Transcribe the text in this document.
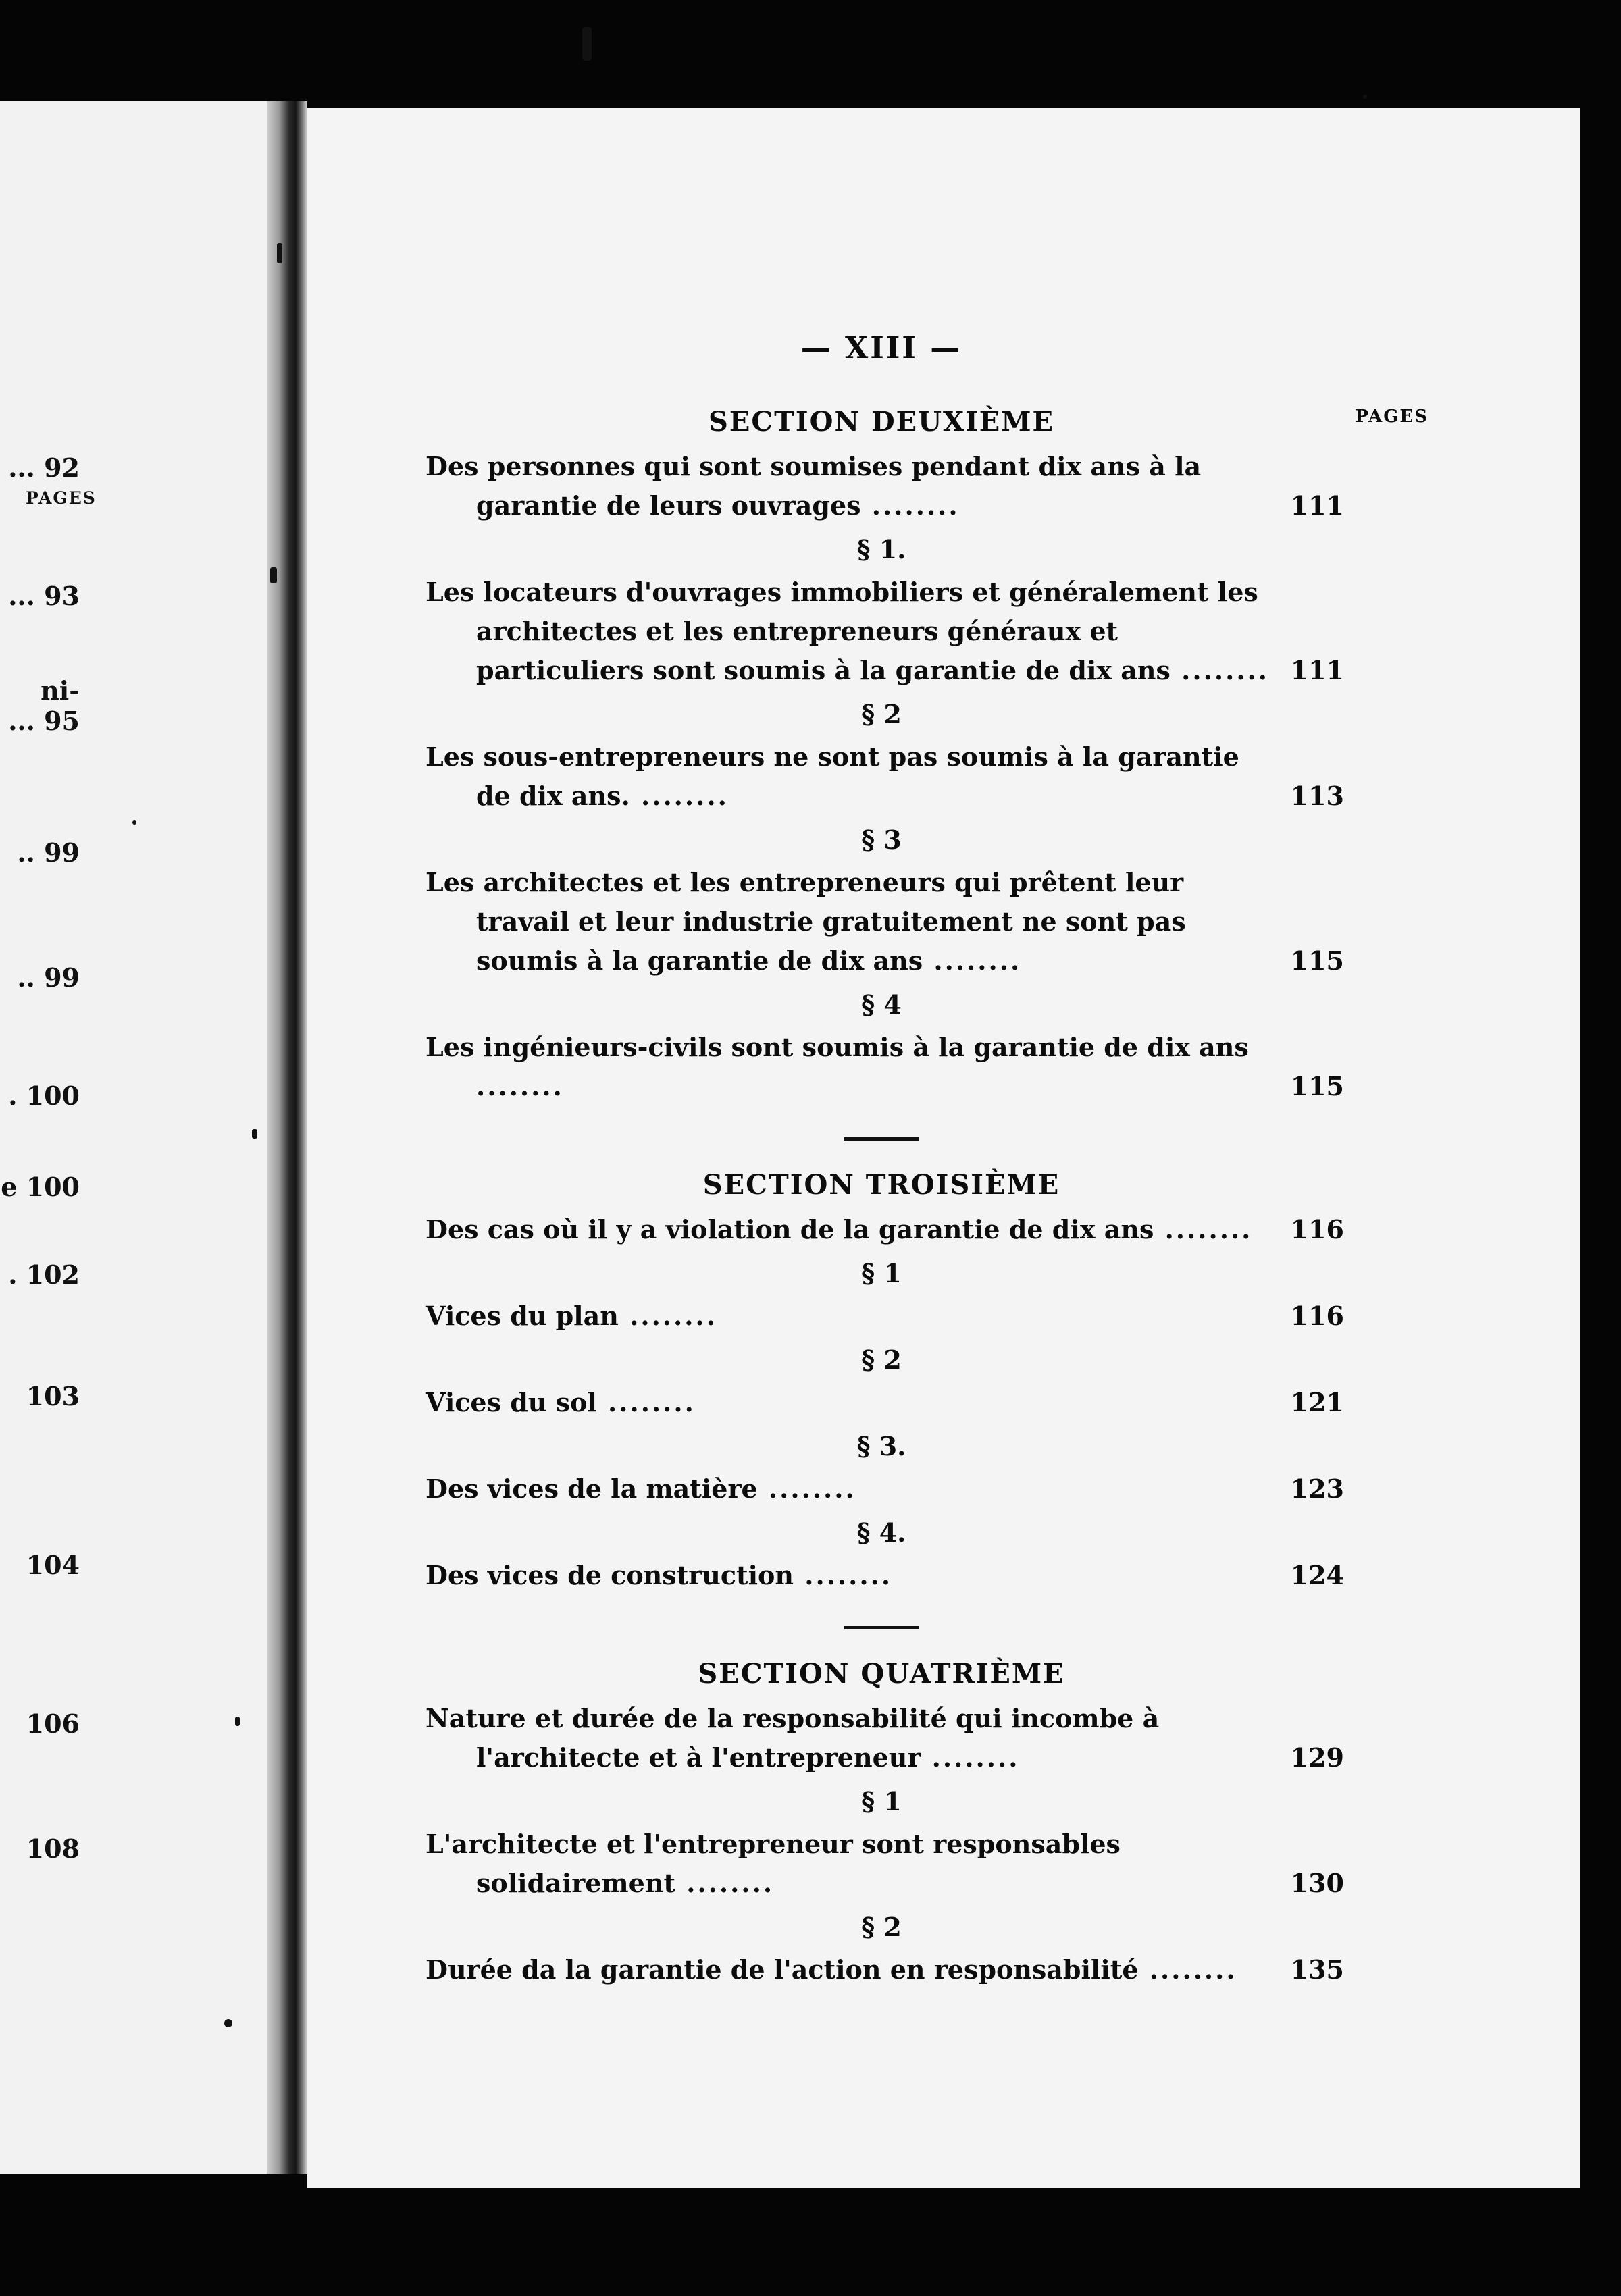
PAGES
... 92
... 93
ni-
... 95
.. 99
.. 99
. 100
e 100
. 102
103
104
106
108
— XIII —
PAGES
SECTION DEUXIÈME
Des personnes qui sont soumises pendant dix ans à la garantie de leurs ouvrages ........	111
§ 1.
Les locateurs d'ouvrages immobiliers et généralement les architectes et les entrepreneurs généraux et particuliers sont soumis à la garantie de dix ans ........ 111
§ 2
Les sous-entrepreneurs ne sont pas soumis à la garantie de dix ans. ........	113
§ 3
Les architectes et les entrepreneurs qui prêtent leur travail et leur industrie gratuitement ne sont pas soumis à la garantie de dix ans ........	115
§ 4
Les ingénieurs-civils sont soumis à la garantie de dix ans ........	115
SECTION TROISIÈME
Des cas où il y a violation de la garantie de dix ans ........ 116
§ 1
Vices du plan ........	116
§ 2
Vices du sol ........	121
§ 3.
Des vices de la matière ........	123
§ 4.
Des vices de construction ........	124
SECTION QUATRIÈME
Nature et durée de la responsabilité qui incombe à l'architecte et à l'entrepreneur ........	129
§ 1
L'architecte et l'entrepreneur sont responsables solidairement ........	130
§ 2
Durée da la garantie de l'action en responsabilité ........ 135
